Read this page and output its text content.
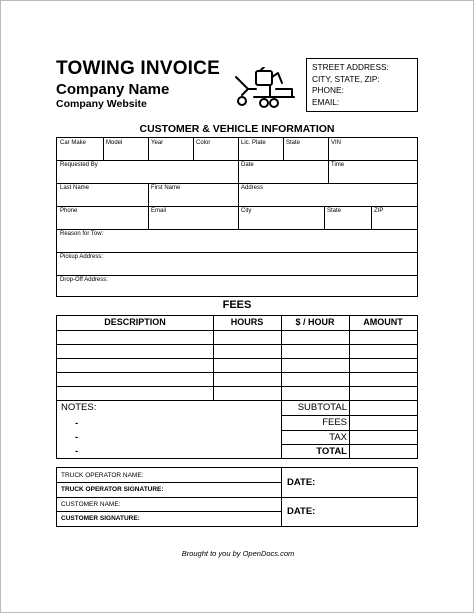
TOWING INVOICE
Company Name
Company Website
STREET ADDRESS:
CITY, STATE, ZIP:
PHONE:
EMAIL:
CUSTOMER & VEHICLE INFORMATION
Car Make	Model	Year	Color	Lic. Plate	State	VIN
Requested By	Date	Time
Last Name	First Name	Address
Phone	Email	City	State	ZIP
Reason for Tow:
Pickup Address:
Drop-Off Address:
FEES
DESCRIPTION	HOURS	$ / HOUR	AMOUNT
NOTES:
-
-
-
SUBTOTAL
FEES
TAX
TOTAL
TRUCK OPERATOR NAME:
TRUCK OPERATOR SIGNATURE:
CUSTOMER NAME:
CUSTOMER SIGNATURE:
DATE:
DATE:
Brought to you by OpenDocs.com
